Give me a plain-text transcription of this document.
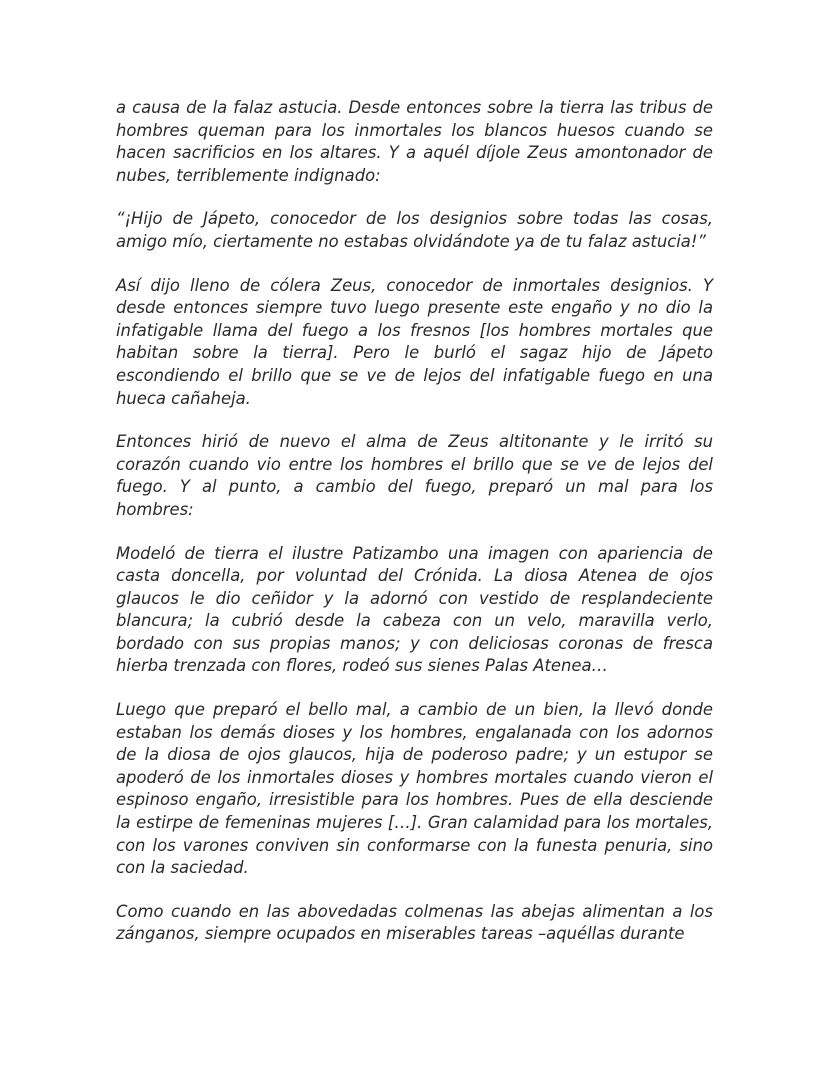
a causa de la falaz astucia. Desde entonces sobre la tierra las tribus de hombres queman para los inmortales los blancos huesos cuando se hacen sacrificios en los altares. Y a aquél díjole Zeus amontonador de nubes, terriblemente indignado:

“¡Hijo de Jápeto, conocedor de los designios sobre todas las cosas, amigo mío, ciertamente no estabas olvidándote ya de tu falaz astucia!”

Así dijo lleno de cólera Zeus, conocedor de inmortales designios. Y desde entonces siempre tuvo luego presente este engaño y no dio la infatigable llama del fuego a los fresnos [los hombres mortales que habitan sobre la tierra]. Pero le burló el sagaz hijo de Jápeto escondiendo el brillo que se ve de lejos del infatigable fuego en una hueca cañaheja.

Entonces hirió de nuevo el alma de Zeus altitonante y le irritó su corazón cuando vio entre los hombres el brillo que se ve de lejos del fuego. Y al punto, a cambio del fuego, preparó un mal para los hombres:

Modeló de tierra el ilustre Patizambo una imagen con apariencia de casta doncella, por voluntad del Crónida. La diosa Atenea de ojos glaucos le dio ceñidor y la adornó con vestido de resplandeciente blancura; la cubrió desde la cabeza con un velo, maravilla verlo, bordado con sus propias manos; y con deliciosas coronas de fresca hierba trenzada con flores, rodeó sus sienes Palas Atenea…

Luego que preparó el bello mal, a cambio de un bien, la llevó donde estaban los demás dioses y los hombres, engalanada con los adornos de la diosa de ojos glaucos, hija de poderoso padre; y un estupor se apoderó de los inmortales dioses y hombres mortales cuando vieron el espinoso engaño, irresistible para los hombres. Pues de ella desciende la estirpe de femeninas mujeres […]. Gran calamidad para los mortales, con los varones conviven sin conformarse con la funesta penuria, sino con la saciedad.

Como cuando en las abovedadas colmenas las abejas alimentan a los zánganos, siempre ocupados en miserables tareas –aquéllas durante
